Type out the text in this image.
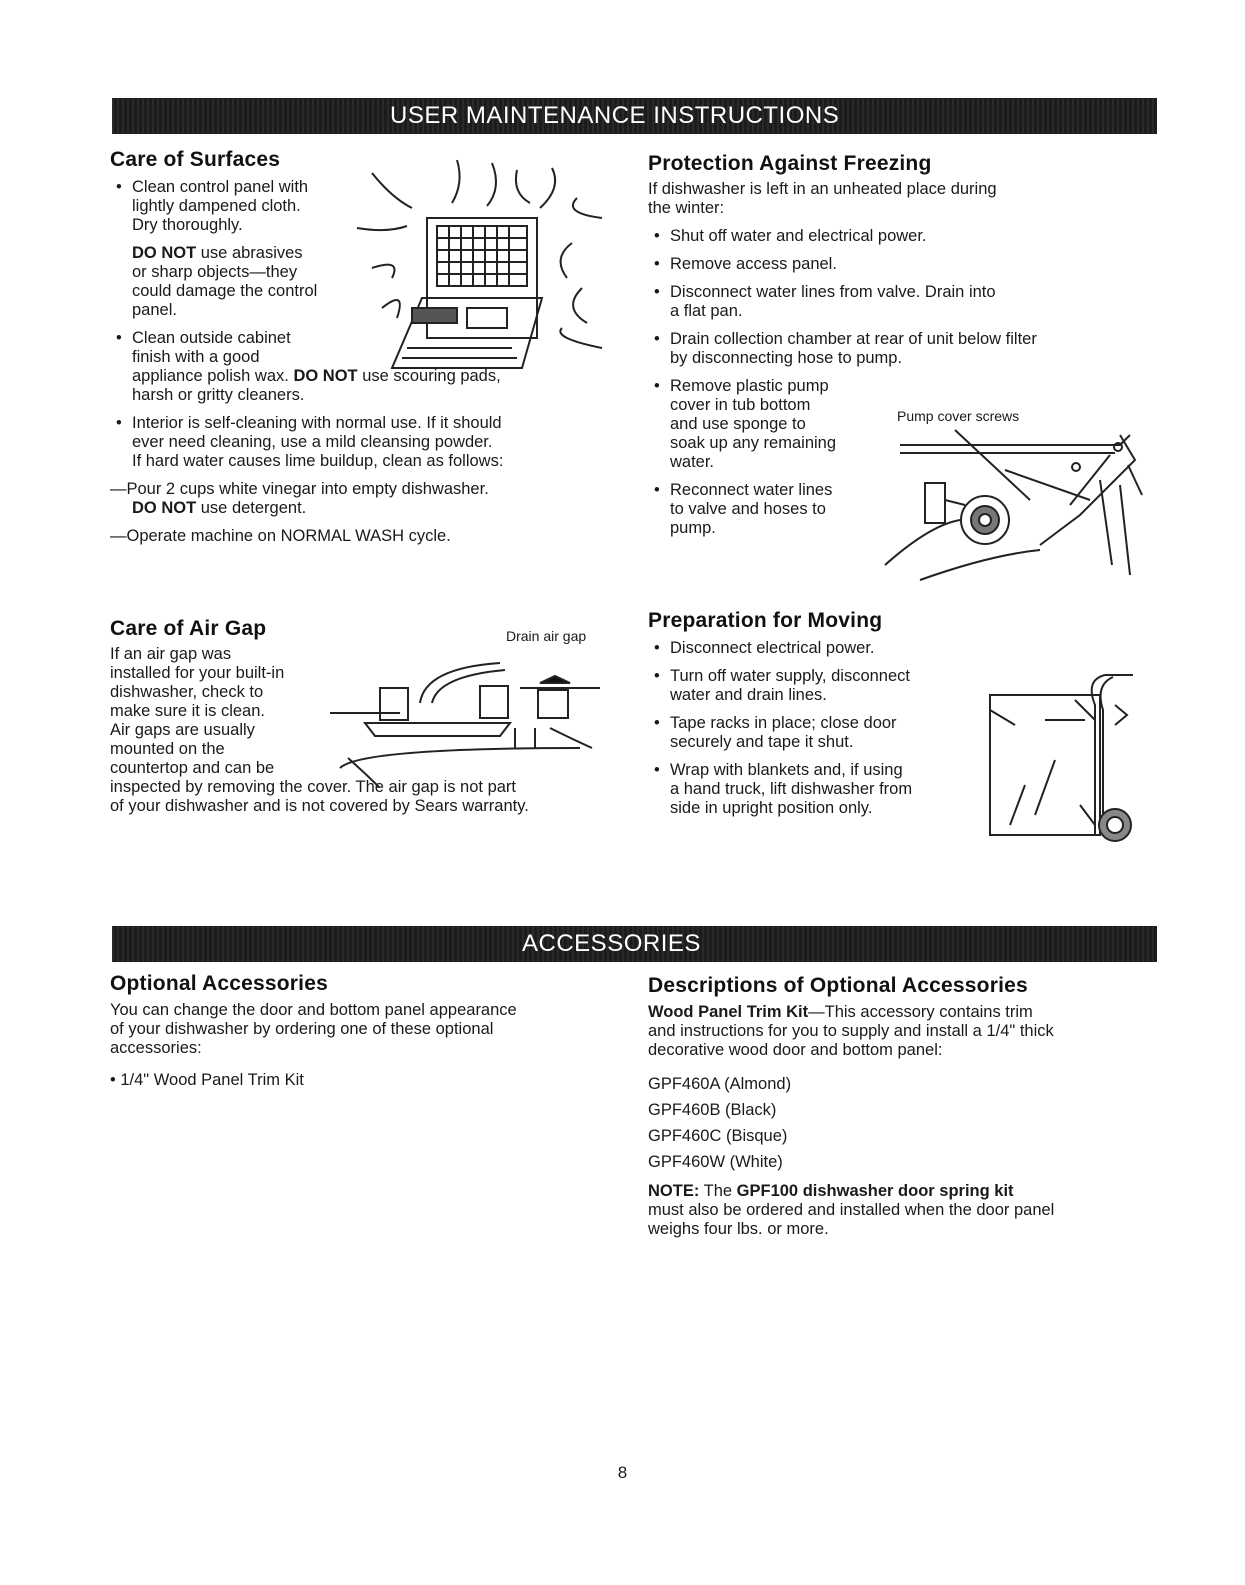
USER MAINTENANCE INSTRUCTIONS
Care of Surfaces
• Clean control panel with
lightly dampened cloth.
Dry thoroughly.
DO NOT use abrasives
or sharp objects—they
could damage the control
panel.
• Clean outside cabinet
finish with a good
appliance polish wax. DO NOT use scouring pads,
harsh or gritty cleaners.
• Interior is self-cleaning with normal use. If it should
ever need cleaning, use a mild cleansing powder.
If hard water causes lime buildup, clean as follows:
—Pour 2 cups white vinegar into empty dishwasher.
DO NOT use detergent.
—Operate machine on NORMAL WASH cycle.
Care of Air Gap

If an air gap was

installed for your built-in

dishwasher, check to

make sure it is clean.

Air gaps are usually

mounted on the

countertop and can be

inspected by removing the cover. The air gap is not part

of your dishwasher and is not covered by Sears warranty.

Drain air gap
Protection Against Freezing

If dishwasher is left in an unheated place during

the winter:

• Shut off water and electrical power.
• Remove access panel.
• Disconnect water lines from valve. Drain into
a flat pan.
• Drain collection chamber at rear of unit below filter
by disconnecting hose to pump.
• Remove plastic pump
cover in tub bottom
and use sponge to
soak up any remaining
water.
• Reconnect water lines
to valve and hoses to
pump.
Pump cover screws
Preparation for Moving
• Disconnect electrical power.
• Turn off water supply, disconnect
water and drain lines.
• Tape racks in place; close door
securely and tape it shut.
• Wrap with blankets and, if using
a hand truck, lift dishwasher from
side in upright position only.
ACCESSORIES
Optional Accessories

You can change the door and bottom panel appearance

of your dishwasher by ordering one of these optional

accessories:

• 1/4" Wood Panel Trim Kit

Descriptions of Optional Accessories

Wood Panel Trim Kit—This accessory contains trim

and instructions for you to supply and install a 1/4" thick

decorative wood door and bottom panel:

GPF460A (Almond)

GPF460B (Black)

GPF460C (Bisque)

GPF460W (White)

NOTE: The GPF100 dishwasher door spring kit

must also be ordered and installed when the door panel

weighs four lbs. or more.

8
